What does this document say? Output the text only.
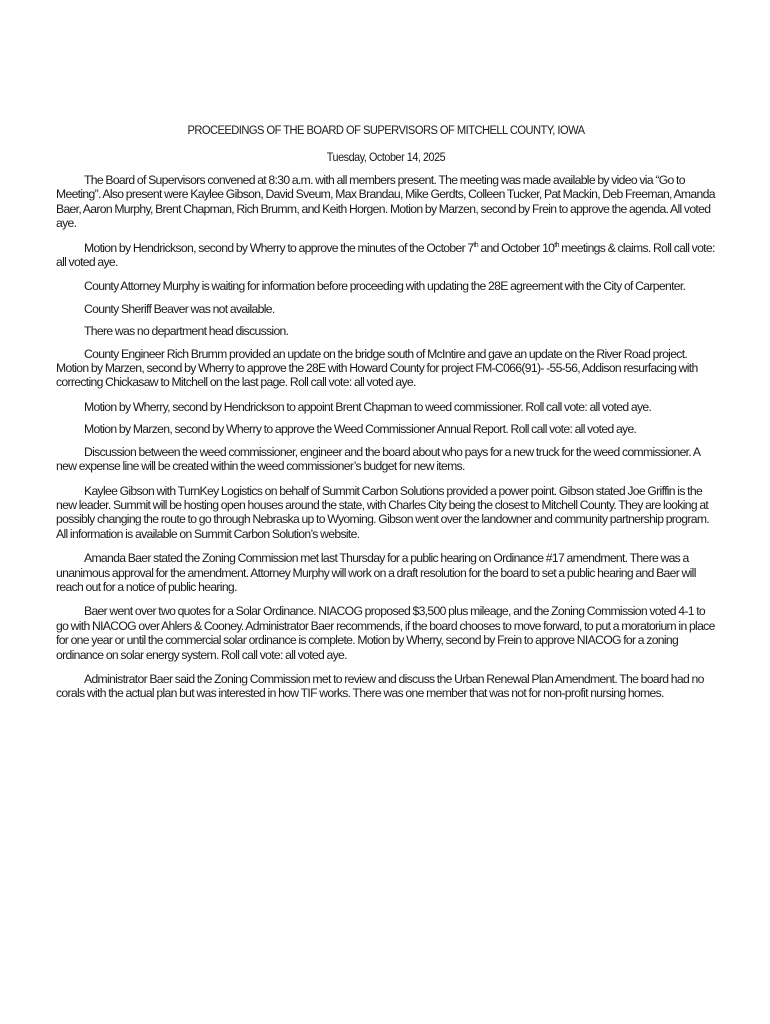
PROCEEDINGS OF THE BOARD OF SUPERVISORS OF MITCHELL COUNTY, IOWA
Tuesday, October 14, 2025

The Board of Supervisors convened at 8:30 a.m. with all members present. The meeting was made available by video via “Go to Meeting”. Also present were Kaylee Gibson, David Sveum, Max Brandau, Mike Gerdts, Colleen Tucker, Pat Mackin, Deb Freeman, Amanda Baer, Aaron Murphy, Brent Chapman, Rich Brumm, and Keith Horgen. Motion by Marzen, second by Frein to approve the agenda. All voted aye.

Motion by Hendrickson, second by Wherry to approve the minutes of the October 7th and October 10th meetings & claims. Roll call vote: all voted aye.

County Attorney Murphy is waiting for information before proceeding with updating the 28E agreement with the City of Carpenter.

County Sheriff Beaver was not available.

There was no department head discussion.

County Engineer Rich Brumm provided an update on the bridge south of McIntire and gave an update on the River Road project. Motion by Marzen, second by Wherry to approve the 28E with Howard County for project FM-C066(91)- -55-56, Addison resurfacing with correcting Chickasaw to Mitchell on the last page. Roll call vote: all voted aye.

Motion by Wherry, second by Hendrickson to appoint Brent Chapman to weed commissioner. Roll call vote: all voted aye.

Motion by Marzen, second by Wherry to approve the Weed Commissioner Annual Report. Roll call vote: all voted aye.

Discussion between the weed commissioner, engineer and the board about who pays for a new truck for the weed commissioner. A new expense line will be created within the weed commissioner’s budget for new items.

Kaylee Gibson with TurnKey Logistics on behalf of Summit Carbon Solutions provided a power point. Gibson stated Joe Griffin is the new leader. Summit will be hosting open houses around the state, with Charles City being the closest to Mitchell County. They are looking at possibly changing the route to go through Nebraska up to Wyoming. Gibson went over the landowner and community partnership program. All information is available on Summit Carbon Solution’s website.

Amanda Baer stated the Zoning Commission met last Thursday for a public hearing on Ordinance #17 amendment. There was a unanimous approval for the amendment. Attorney Murphy will work on a draft resolution for the board to set a public hearing and Baer will reach out for a notice of public hearing.

Baer went over two quotes for a Solar Ordinance. NIACOG proposed $3,500 plus mileage, and the Zoning Commission voted 4-1 to go with NIACOG over Ahlers & Cooney. Administrator Baer recommends, if the board chooses to move forward, to put a moratorium in place for one year or until the commercial solar ordinance is complete. Motion by Wherry, second by Frein to approve NIACOG for a zoning ordinance on solar energy system. Roll call vote: all voted aye.

Administrator Baer said the Zoning Commission met to review and discuss the Urban Renewal Plan Amendment. The board had no corals with the actual plan but was interested in how TIF works. There was one member that was not for non-profit nursing homes.
